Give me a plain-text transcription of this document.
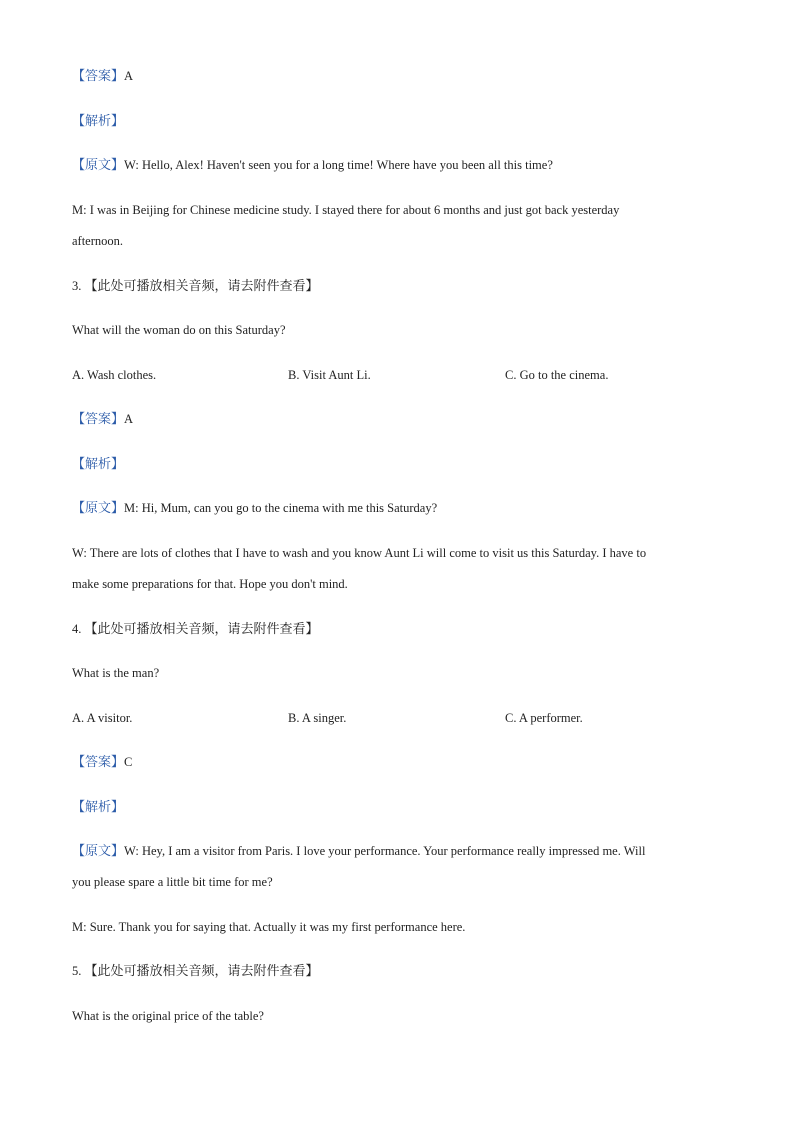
【答案】A
【解析】
【原文】W: Hello, Alex! Haven't seen you for a long time! Where have you been all this time?
M: I was in Beijing for Chinese medicine study. I stayed there for about 6 months and just got back yesterday
afternoon.
3. 【此处可播放相关音频，请去附件查看】
What will the woman do on this Saturday?
A. Wash clothes.	B. Visit Aunt Li.	C. Go to the cinema.
【答案】A
【解析】
【原文】M: Hi, Mum, can you go to the cinema with me this Saturday?
W: There are lots of clothes that I have to wash and you know Aunt Li will come to visit us this Saturday. I have to
make some preparations for that. Hope you don't mind.
4. 【此处可播放相关音频，请去附件查看】
What is the man?
A. A visitor.	B. A singer.	C. A performer.
【答案】C
【解析】
【原文】W: Hey, I am a visitor from Paris. I love your performance. Your performance really impressed me. Will
you please spare a little bit time for me?
M: Sure. Thank you for saying that. Actually it was my first performance here.
5. 【此处可播放相关音频，请去附件查看】
What is the original price of the table?
